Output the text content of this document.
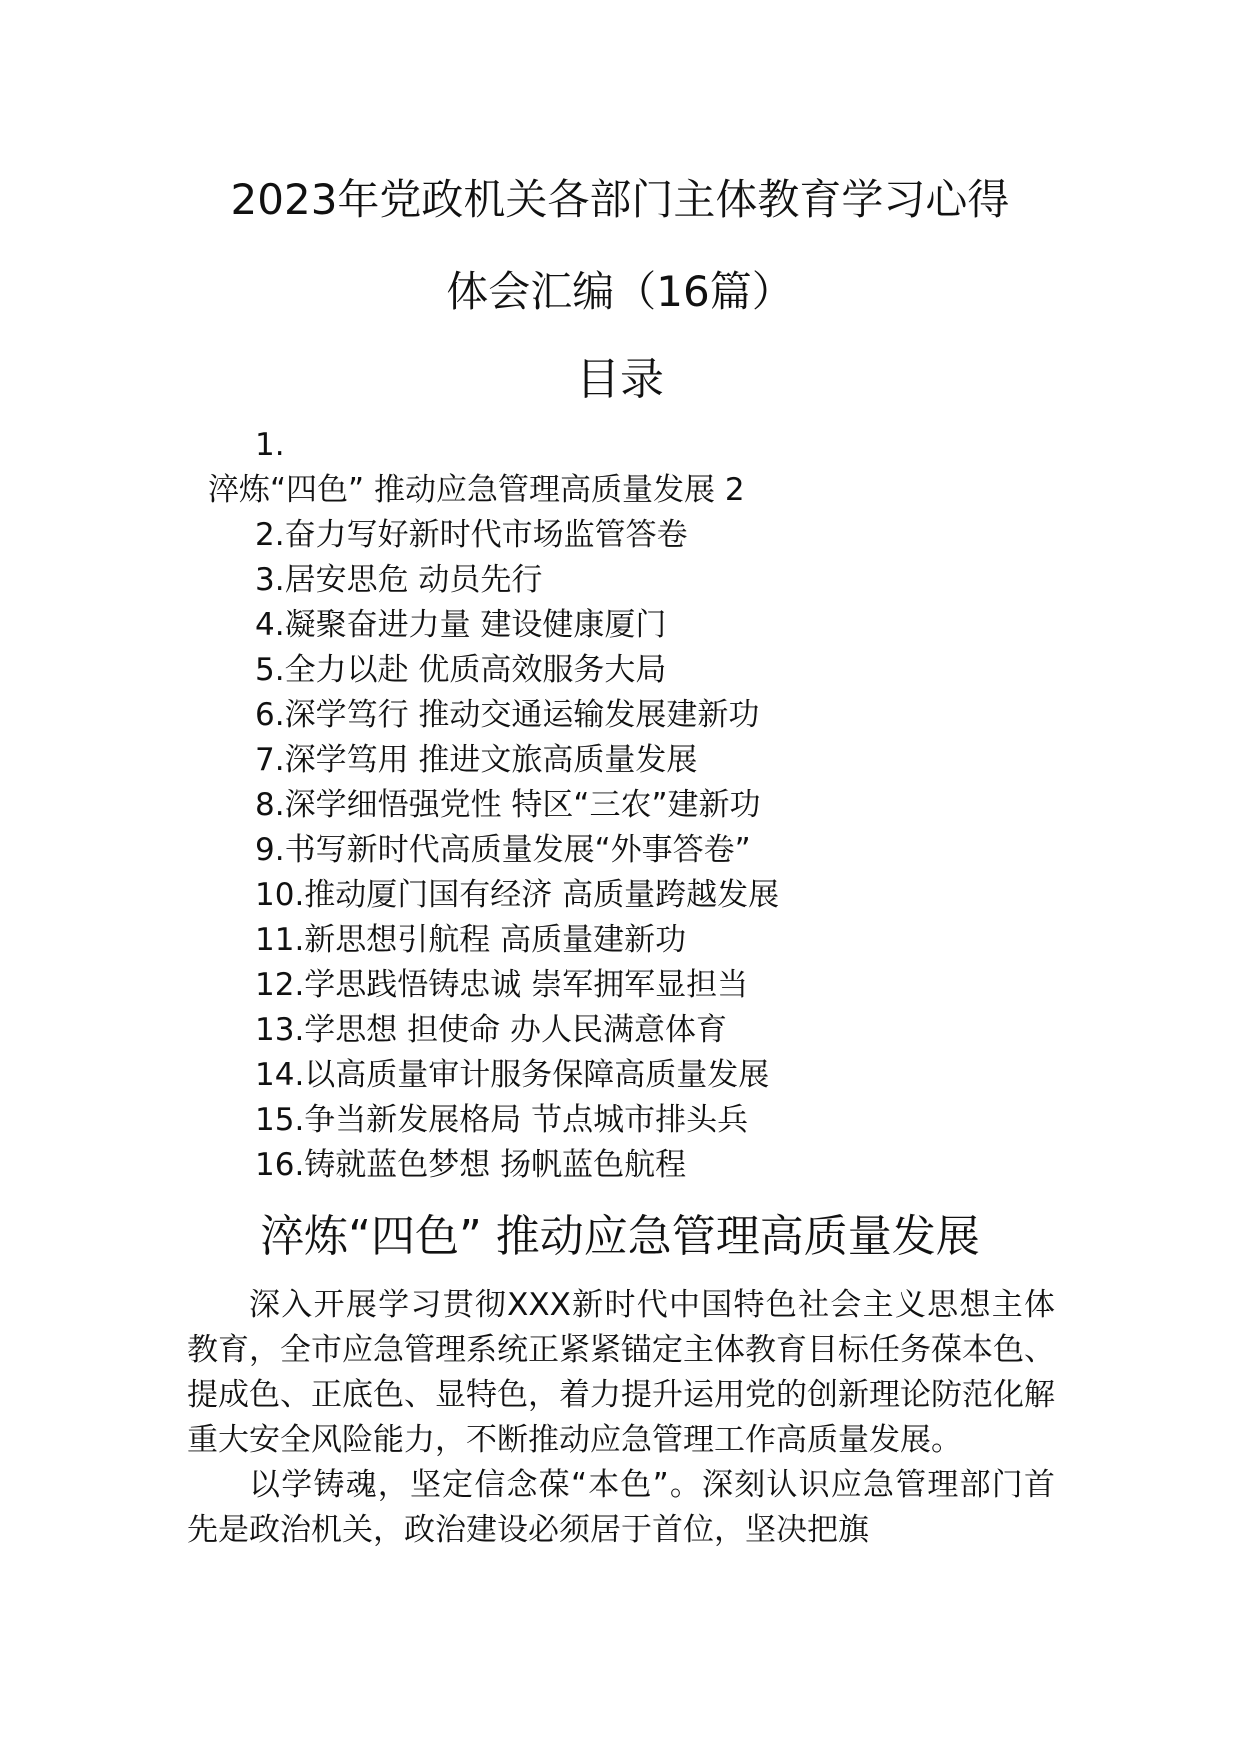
2023年党政机关各部门主体教育学习心得
体会汇编（16篇）
目录
1.
淬炼“四色” 推动应急管理高质量发展 2
2.奋力写好新时代市场监管答卷
3.居安思危 动员先行
4.凝聚奋进力量 建设健康厦门
5.全力以赴 优质高效服务大局
6.深学笃行 推动交通运输发展建新功
7.深学笃用 推进文旅高质量发展
8.深学细悟强党性 特区“三农”建新功
9.书写新时代高质量发展“外事答卷”
10.推动厦门国有经济 高质量跨越发展
11.新思想引航程 高质量建新功
12.学思践悟铸忠诚 崇军拥军显担当
13.学思想 担使命 办人民满意体育
14.以高质量审计服务保障高质量发展
15.争当新发展格局 节点城市排头兵
16.铸就蓝色梦想 扬帆蓝色航程
淬炼“四色” 推动应急管理高质量发展

深入开展学习贯彻XXX新时代中国特色社会主义思想主体教育，全市应急管理系统正紧紧锚定主体教育目标任务葆本色、提成色、正底色、显特色，着力提升运用党的创新理论防范化解重大安全风险能力，不断推动应急管理工作高质量发展。

以学铸魂，坚定信念葆“本色”。深刻认识应急管理部门首先是政治机关，政治建设必须居于首位，坚决把旗
